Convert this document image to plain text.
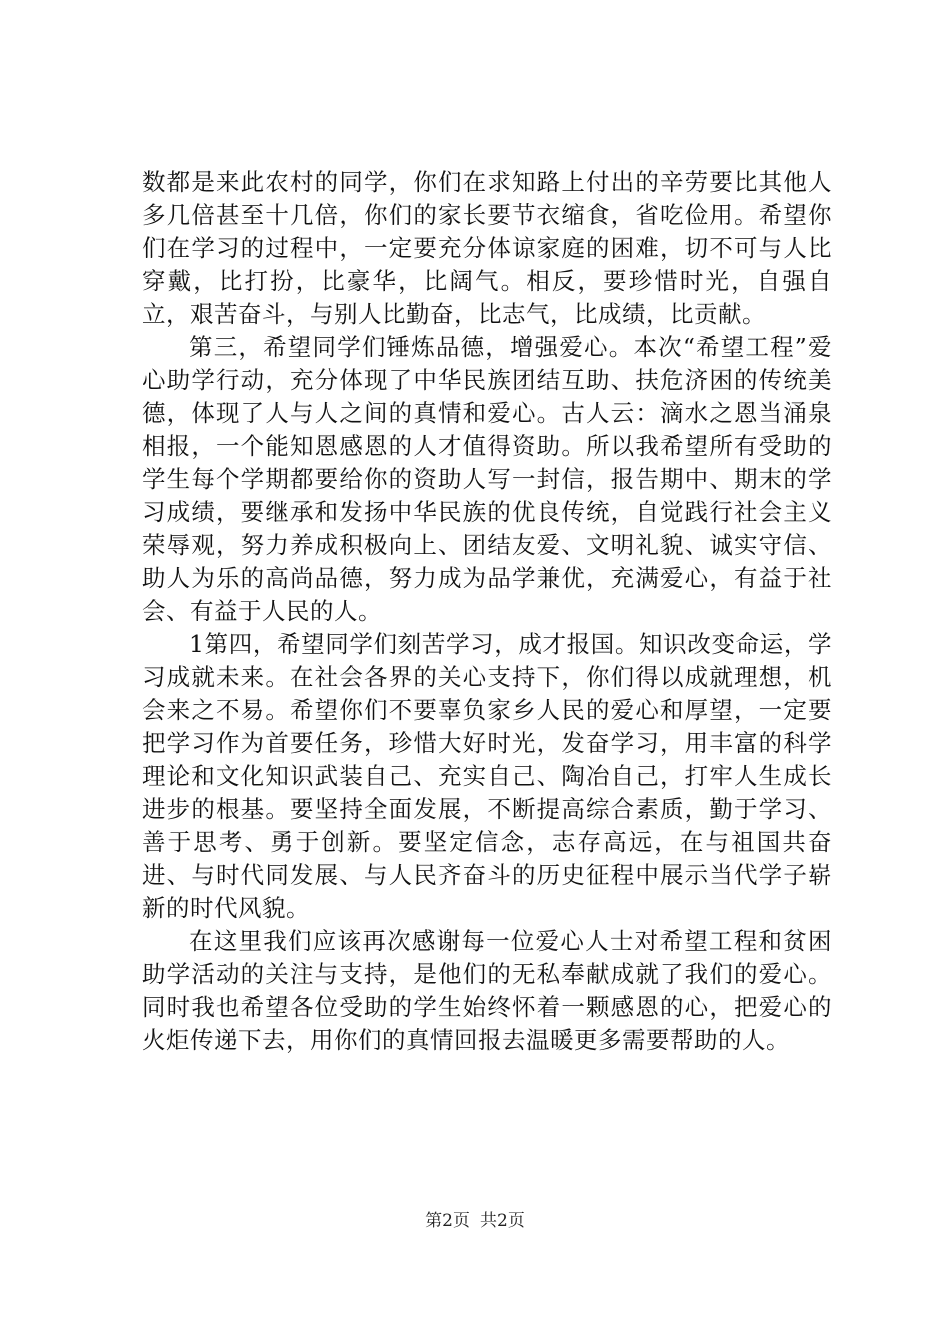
数都是来此农村的同学，你们在求知路上付出的辛劳要比其他人多几倍甚至十几倍，你们的家长要节衣缩食，省吃俭用。希望你们在学习的过程中，一定要充分体谅家庭的困难，切不可与人比穿戴，比打扮，比豪华，比阔气。相反，要珍惜时光，自强自立，艰苦奋斗，与别人比勤奋，比志气，比成绩，比贡献。

第三，希望同学们锤炼品德，增强爱心。本次“希望工程”爱心助学行动，充分体现了中华民族团结互助、扶危济困的传统美德，体现了人与人之间的真情和爱心。古人云：滴水之恩当涌泉相报，一个能知恩感恩的人才值得资助。所以我希望所有受助的学生每个学期都要给你的资助人写一封信，报告期中、期末的学习成绩，要继承和发扬中华民族的优良传统，自觉践行社会主义荣辱观，努力养成积极向上、团结友爱、文明礼貌、诚实守信、助人为乐的高尚品德，努力成为品学兼优，充满爱心，有益于社会、有益于人民的人。

1第四，希望同学们刻苦学习，成才报国。知识改变命运，学习成就未来。在社会各界的关心支持下，你们得以成就理想，机会来之不易。希望你们不要辜负家乡人民的爱心和厚望，一定要把学习作为首要任务，珍惜大好时光，发奋学习，用丰富的科学理论和文化知识武装自己、充实自己、陶冶自己，打牢人生成长进步的根基。要坚持全面发展，不断提高综合素质，勤于学习、善于思考、勇于创新。要坚定信念，志存高远，在与祖国共奋进、与时代同发展、与人民齐奋斗的历史征程中展示当代学子崭新的时代风貌。

在这里我们应该再次感谢每一位爱心人士对希望工程和贫困助学活动的关注与支持，是他们的无私奉献成就了我们的爱心。同时我也希望各位受助的学生始终怀着一颗感恩的心，把爱心的火炬传递下去，用你们的真情回报去温暖更多需要帮助的人。

第2页 共2页
